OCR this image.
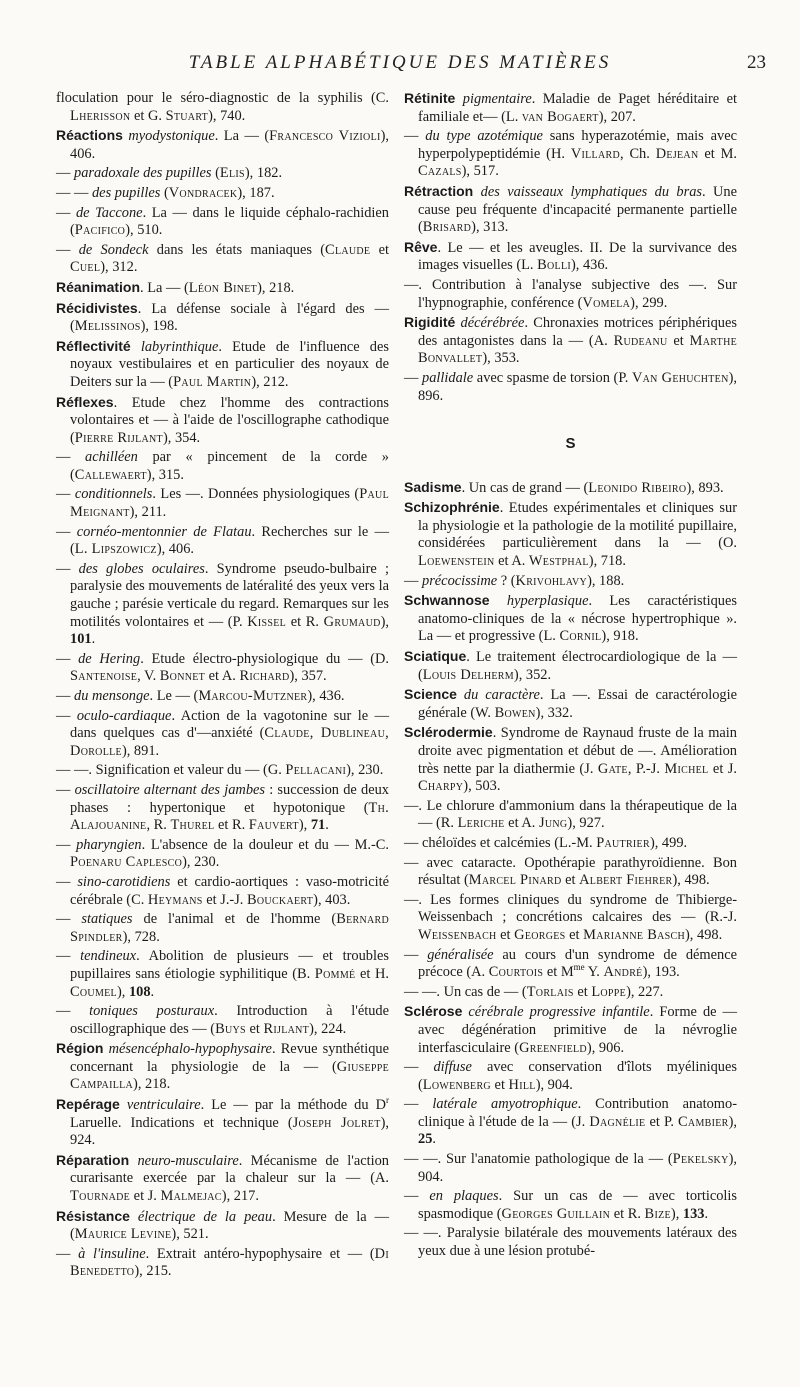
TABLE ALPHABÉTIQUE DES MATIÈRES	23
floculation pour le séro-diagnostic de la syphilis (C. Lherisson et G. Stuart), 740.
Réactions myodystonique. La — (Francesco Vizioli), 406.
— paradoxale des pupilles (Elis), 182.
— — des pupilles (Vondracek), 187.
— de Taccone. La — dans le liquide céphalo-rachidien (Pacifico), 510.
— de Sondeck dans les états maniaques (Claude et Cuel), 312.
Réanimation. La — (Léon Binet), 218.
Récidivistes. La défense sociale à l'égard des — (Melissinos), 198.
Réflectivité labyrinthique. Etude de l'influence des noyaux vestibulaires et en particulier des noyaux de Deiters sur la — (Paul Martin), 212.
Réflexes. Etude chez l'homme des contractions volontaires et — à l'aide de l'oscillographe cathodique (Pierre Rijlant), 354.
— achilléen par « pincement de la corde » (Callewaert), 315.
— conditionnels. Les —. Données physiologiques (Paul Meignant), 211.
— cornéo-mentonnier de Flatau. Recherches sur le — (L. Lipszowicz), 406.
— des globes oculaires. Syndrome pseudo-bulbaire ; paralysie des mouvements de latéralité des yeux vers la gauche ; parésie verticale du regard. Remarques sur les motilités volontaires et — (P. Kissel et R. Grumaud), 101.
— de Hering. Etude électro-physiologique du — (D. Santenoise, V. Bonnet et A. Richard), 357.
— du mensonge. Le — (Marcou-Mutzner), 436.
— oculo-cardiaque. Action de la vagotonine sur le — dans quelques cas d'—anxiété (Claude, Dublineau, Dorolle), 891.
— —. Signification et valeur du — (G. Pellacani), 230.
— oscillatoire alternant des jambes : succession de deux phases : hypertonique et hypotonique (Th. Alajouanine, R. Thurel et R. Fauvert), 71.
— pharyngien. L'absence de la douleur et du — M.-C. Poenaru Caplesco), 230.
— sino-carotidiens et cardio-aortiques : vaso-motricité cérébrale (C. Heymans et J.-J. Bouckaert), 403.
— statiques de l'animal et de l'homme (Bernard Spindler), 728.
— tendineux. Abolition de plusieurs — et troubles pupillaires sans étiologie syphilitique (B. Pommé et H. Coumel), 108.
— toniques posturaux. Introduction à l'étude oscillographique des — (Buys et Rijlant), 224.
Région mésencéphalo-hypophysaire. Revue synthétique concernant la physiologie de la — (Giuseppe Campailla), 218.
Repérage ventriculaire. Le — par la méthode du $D^r$ Laruelle. Indications et technique (Joseph Jolret), 924.
Réparation neuro-musculaire. Mécanisme de l'action curarisante exercée par la chaleur sur la — (A. Tournade et J. Malmejac), 217.
Résistance électrique de la peau. Mesure de la — (Maurice Levine), 521.
— à l'insuline. Extrait antéro-hypophysaire et — (Di Benedetto), 215.
Rétinite pigmentaire. Maladie de Paget héréditaire et familiale et— (L. van Bogaert), 207.
— du type azotémique sans hyperazotémie, mais avec hyperpolypeptidémie (H. Villard, Ch. Dejean et M. Cazals), 517.
Rétraction des vaisseaux lymphatiques du bras. Une cause peu fréquente d'incapacité permanente partielle (Brisard), 313.
Rêve. Le — et les aveugles. II. De la survivance des images visuelles (L. Bolli), 436.
—. Contribution à l'analyse subjective des —. Sur l'hypnographie, conférence (Vomela), 299.
Rigidité décérébrée. Chronaxies motrices périphériques des antagonistes dans la — (A. Rudeanu et Marthe Bonvallet), 353.
— pallidale avec spasme de torsion (P. Van Gehuchten), 896.
S
Sadisme. Un cas de grand — (Leonido Ribeiro), 893.
Schizophrénie. Etudes expérimentales et cliniques sur la physiologie et la pathologie de la motilité pupillaire, considérées particulièrement dans la — (O. Loewenstein et A. Westphal), 718.
— précocissime ? (Krivohlavy), 188.
Schwannose hyperplasique. Les caractéristiques anatomo-cliniques de la « nécrose hypertrophique ». La — et progressive (L. Cornil), 918.
Sciatique. Le traitement électrocardiologique de la — (Louis Delherm), 352.
Science du caractère. La —. Essai de caractérologie générale (W. Bowen), 332.
Sclérodermie. Syndrome de Raynaud fruste de la main droite avec pigmentation et début de —. Amélioration très nette par la diathermie (J. Gate, P.-J. Michel et J. Charpy), 503.
—. Le chlorure d'ammonium dans la thérapeutique de la — (R. Leriche et A. Jung), 927.
— chéloïdes et calcémies (L.-M. Pautrier), 499.
— avec cataracte. Opothérapie parathyroïdienne. Bon résultat (Marcel Pinard et Albert Fiehrer), 498.
—. Les formes cliniques du syndrome de Thibierge-Weissenbach ; concrétions calcaires des — (R.-J. Weissenbach et Georges et Marianne Basch), 498.
— généralisée au cours d'un syndrome de démence précoce (A. Courtois et $M^{me}$ Y. André), 193.
— —. Un cas de — (Torlais et Loppe), 227.
Sclérose cérébrale progressive infantile. Forme de — avec dégénération primitive de la névroglie interfasciculaire (Greenfield), 906.
— diffuse avec conservation d'îlots myéliniques (Lowenberg et Hill), 904.
— latérale amyotrophique. Contribution anatomo-clinique à l'étude de la — (J. Dagnélie et P. Cambier), 25.
— —. Sur l'anatomie pathologique de la — (Pekelsky), 904.
— en plaques. Sur un cas de — avec torticolis spasmodique (Georges Guillain et R. Bize), 133.
— —. Paralysie bilatérale des mouvements latéraux des yeux due à une lésion protubé-
